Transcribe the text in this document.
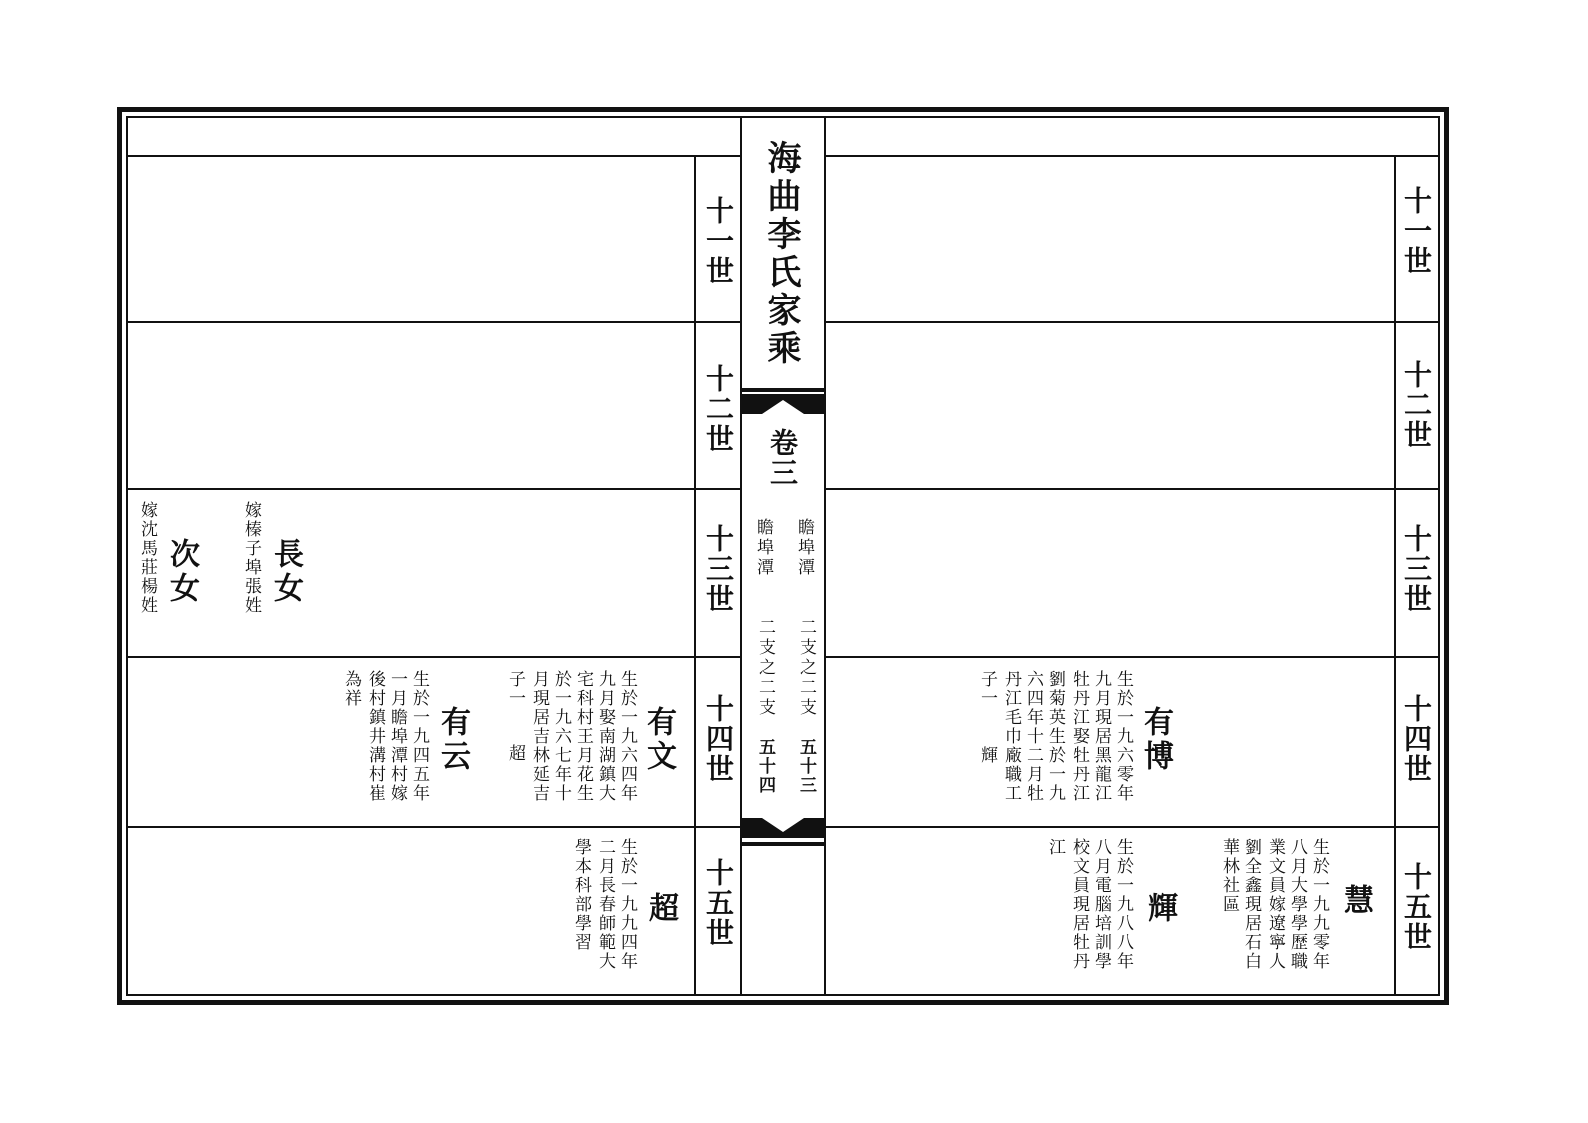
海曲李氏家乘
卷三
瞻埠潭
二支之二支
五十三
瞻埠潭
二支之二支
五十四
十一世
十二世
十三世
十四世
十五世
十一世
十二世
十三世
十四世
十五世
長女
嫁榛子埠張姓
次女
嫁沈馬莊楊姓
有文
生於一九六四年
九月娶南湖鎮大
宅科村王月花生
於一九六七年十
月現居吉林延吉
子一
超
有云
生於一九四五年
一月瞻埠潭村嫁
後村鎮井溝村崔
為祥
超
生於一九九四年
二月長春師範大
學本科部學習
有博
生於一九六零年
九月現居黑龍江
牡丹江娶牡丹江
劉菊英生於一九
六四年十二月牡
丹江毛巾廠職工
子一
輝
慧
生於一九九零年
八月大學學歷職
業文員嫁遼寧人
劉全鑫現居石白
華林社區
輝
生於一九八八年
八月電腦培訓學
校文員現居牡丹
江
